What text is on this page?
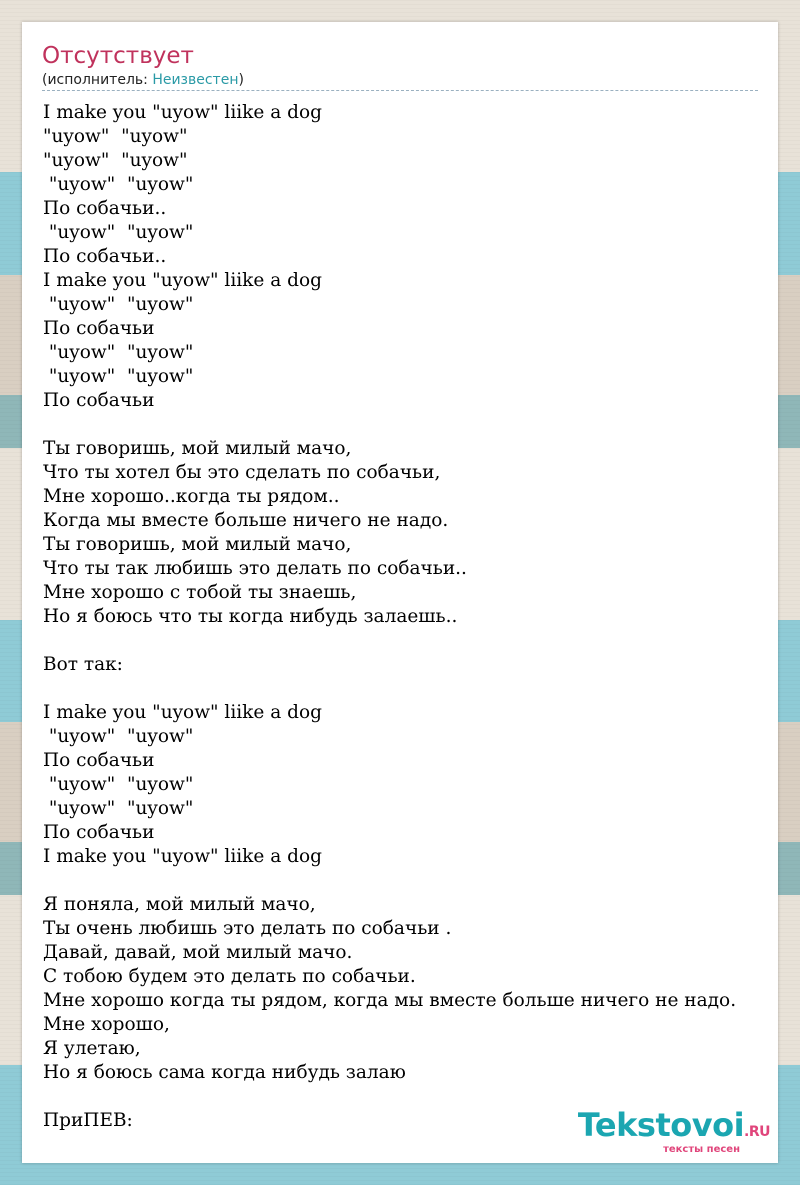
Отсутствует
(исполнитель: Неизвестен)
I make you "uyow" liike a dog
"uyow"  "uyow"
"uyow"  "uyow"
"uyow"  "uyow"
По собачьи..
"uyow"  "uyow"
По собачьи..
I make you "uyow" liike a dog
"uyow"  "uyow"
По собачьи
"uyow"  "uyow"
"uyow"  "uyow"
По собачьи

Ты говоришь, мой милый мачо,
Что ты хотел бы это сделать по собачьи,
Мне хорошо..когда ты рядом..
Когда мы вместе больше ничего не надо.
Ты говоришь, мой милый мачо,
Что ты так любишь это делать по собачьи..
Мне хорошо с тобой ты знаешь,
Но я боюсь что ты когда нибудь залаешь..

Вот так:

I make you "uyow" liike a dog
"uyow"  "uyow"
По собачьи
"uyow"  "uyow"
"uyow"  "uyow"
По собачьи
I make you "uyow" liike a dog

Я поняла, мой милый мачо,
Ты очень любишь это делать по собачьи .
Давай, давай, мой милый мачо.
С тобою будем это делать по собачьи.
Мне хорошо когда ты рядом, когда мы вместе больше ничего не надо.
Мне хорошо,
Я улетаю,
Но я боюсь сама когда нибудь залаю

ПриПЕВ:	Tekstovoi.RU
тексты песен
